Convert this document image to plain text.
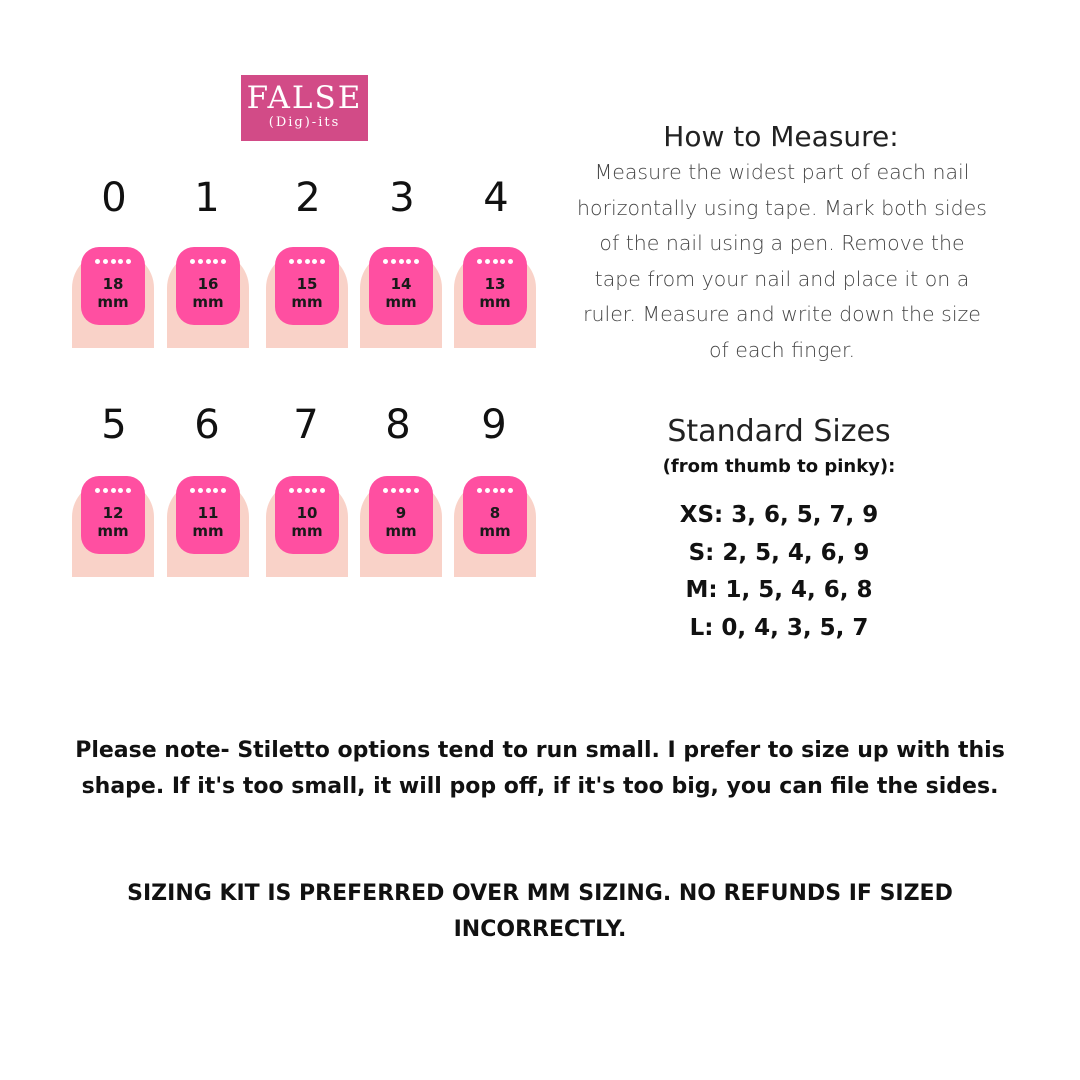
FALSE
(Dig)-its
0	1	2	3	4
18
mm
16
mm
15
mm
14
mm
13
mm
5	6	7	8	9
12
mm
11
mm
10
mm
9
mm
8
mm
How to Measure:
Measure the widest part of each nail horizontally using tape. Mark both sides of the nail using a pen. Remove the tape from your nail and place it on a ruler. Measure and write down the size of each finger.
Standard Sizes
(from thumb to pinky):
XS: 3, 6, 5, 7, 9
S: 2, 5, 4, 6, 9
M: 1, 5, 4, 6, 8
L: 0, 4, 3, 5, 7
Please note- Stiletto options tend to run small. I prefer to size up with this shape. If it's too small, it will pop off, if it's too big, you can file the sides.
SIZING KIT IS PREFERRED OVER MM SIZING. NO REFUNDS IF SIZED INCORRECTLY.
